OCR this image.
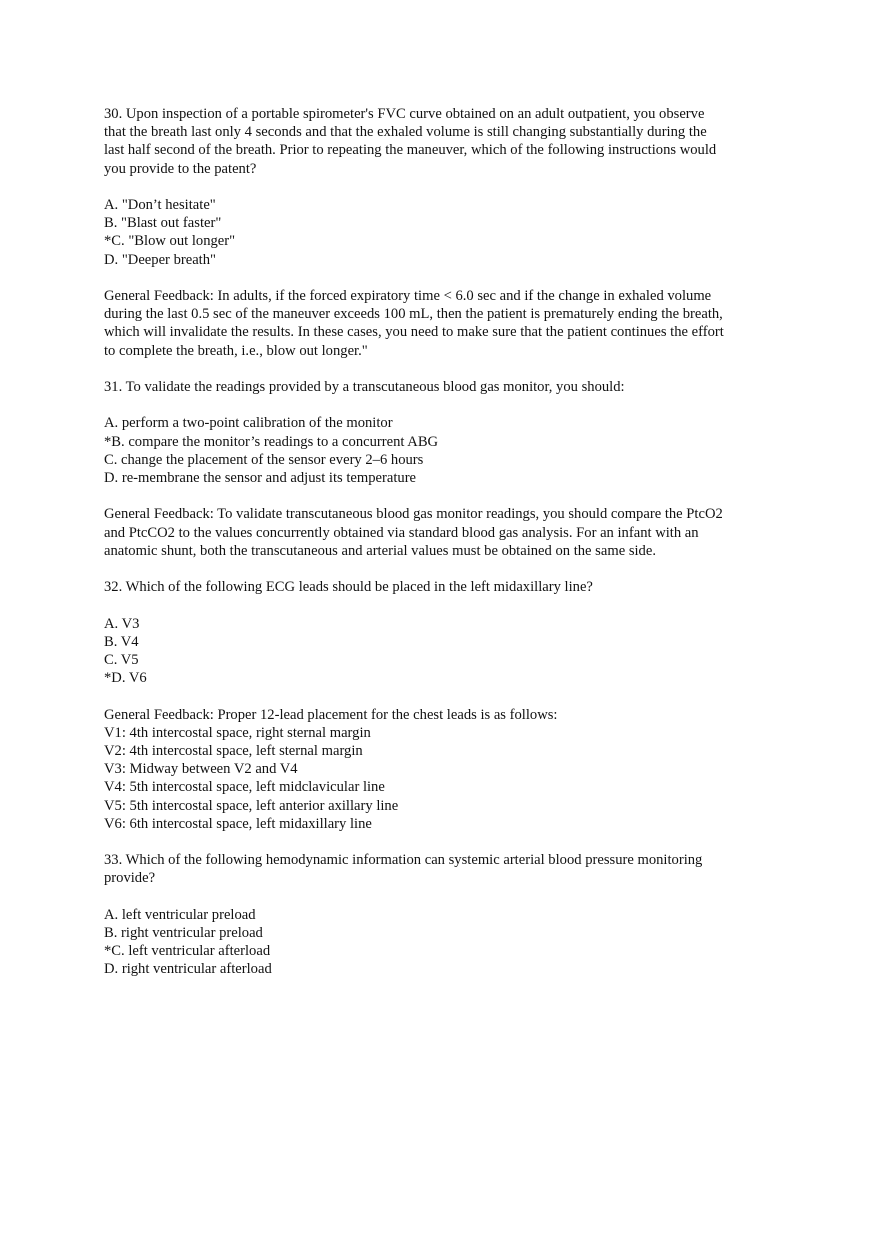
30. Upon inspection of a portable spirometer's FVC curve obtained on an adult outpatient, you observe
that the breath last only 4 seconds and that the exhaled volume is still changing substantially during the
last half second of the breath. Prior to repeating the maneuver, which of the following instructions would
you provide to the patent?
A. "Don’t hesitate"
B. "Blast out faster"
*C. "Blow out longer"
D. "Deeper breath"
General Feedback: In adults, if the forced expiratory time < 6.0 sec and if the change in exhaled volume
during the last 0.5 sec of the maneuver exceeds 100 mL, then the patient is prematurely ending the breath,
which will invalidate the results. In these cases, you need to make sure that the patient continues the effort
to complete the breath, i.e., blow out longer."
31. To validate the readings provided by a transcutaneous blood gas monitor, you should:
A. perform a two-point calibration of the monitor
*B. compare the monitor’s readings to a concurrent ABG
C. change the placement of the sensor every 2–6 hours
D. re-membrane the sensor and adjust its temperature
General Feedback: To validate transcutaneous blood gas monitor readings, you should compare the PtcO2
and PtcCO2 to the values concurrently obtained via standard blood gas analysis. For an infant with an
anatomic shunt, both the transcutaneous and arterial values must be obtained on the same side.
32. Which of the following ECG leads should be placed in the left midaxillary line?
A. V3
B. V4
C. V5
*D. V6
General Feedback: Proper 12-lead placement for the chest leads is as follows:
V1: 4th intercostal space, right sternal margin
V2: 4th intercostal space, left sternal margin
V3: Midway between V2 and V4
V4: 5th intercostal space, left midclavicular line
V5: 5th intercostal space, left anterior axillary line
V6: 6th intercostal space, left midaxillary line
33. Which of the following hemodynamic information can systemic arterial blood pressure monitoring
provide?
A. left ventricular preload
B. right ventricular preload
*C. left ventricular afterload
D. right ventricular afterload
